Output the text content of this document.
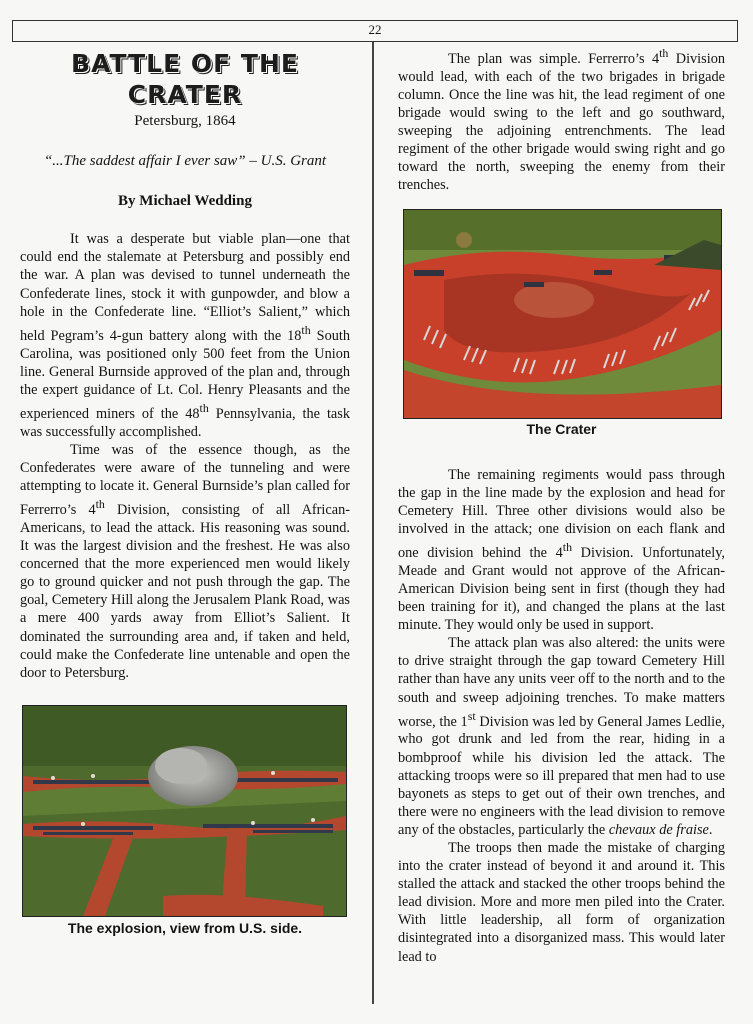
22
BATTLE OF THE
CRATER
Petersburg, 1864
“...The saddest affair I ever saw” – U.S. Grant
By Michael Wedding

It was a desperate but viable plan—one that could end the stalemate at Petersburg and possibly end the war. A plan was devised to tunnel underneath the Confederate lines, stock it with gunpowder, and blow a hole in the Confederate line. “Elliot’s Salient,” which held Pegram’s 4-gun battery along with the 18th South Carolina, was positioned only 500 feet from the Union line. General Burnside approved of the plan and, through the expert guidance of Lt. Col. Henry Pleasants and the experienced miners of the 48th Pennsylvania, the task was successfully accomplished.

Time was of the essence though, as the Confederates were aware of the tunneling and were attempting to locate it. General Burnside’s plan called for Ferrerro’s 4th Division, consisting of all African-Americans, to lead the attack. His reasoning was sound. It was the largest division and the freshest. He was also concerned that the more experienced men would likely go to ground quicker and not push through the gap. The goal, Cemetery Hill along the Jerusalem Plank Road, was a mere 400 yards away from Elliot’s Salient. It dominated the surrounding area and, if taken and held, could make the Confederate line untenable and open the door to Petersburg.

The explosion, view from U.S. side.

The plan was simple. Ferrerro’s 4th Division would lead, with each of the two brigades in brigade column. Once the line was hit, the lead regiment of one brigade would swing to the left and go southward, sweeping the adjoining entrenchments. The lead regiment of the other brigade would swing right and go toward the north, sweeping the enemy from their trenches.

The Crater

The remaining regiments would pass through the gap in the line made by the explosion and head for Cemetery Hill. Three other divisions would also be involved in the attack; one division on each flank and one division behind the 4th Division. Unfortunately, Meade and Grant would not approve of the African-American Division being sent in first (though they had been training for it), and changed the plans at the last minute. They would only be used in support.

The attack plan was also altered: the units were to drive straight through the gap toward Cemetery Hill rather than have any units veer off to the north and to the south and sweep adjoining trenches. To make matters worse, the 1st Division was led by General James Ledlie, who got drunk and led from the rear, hiding in a bombproof while his division led the attack. The attacking troops were so ill prepared that men had to use bayonets as steps to get out of their own trenches, and there were no engineers with the lead division to remove any of the obstacles, particularly the chevaux de fraise.

The troops then made the mistake of charging into the crater instead of beyond it and around it. This stalled the attack and stacked the other troops behind the lead division. More and more men piled into the Crater. With little leadership, all form of organization disintegrated into a disorganized mass. This would later lead to
